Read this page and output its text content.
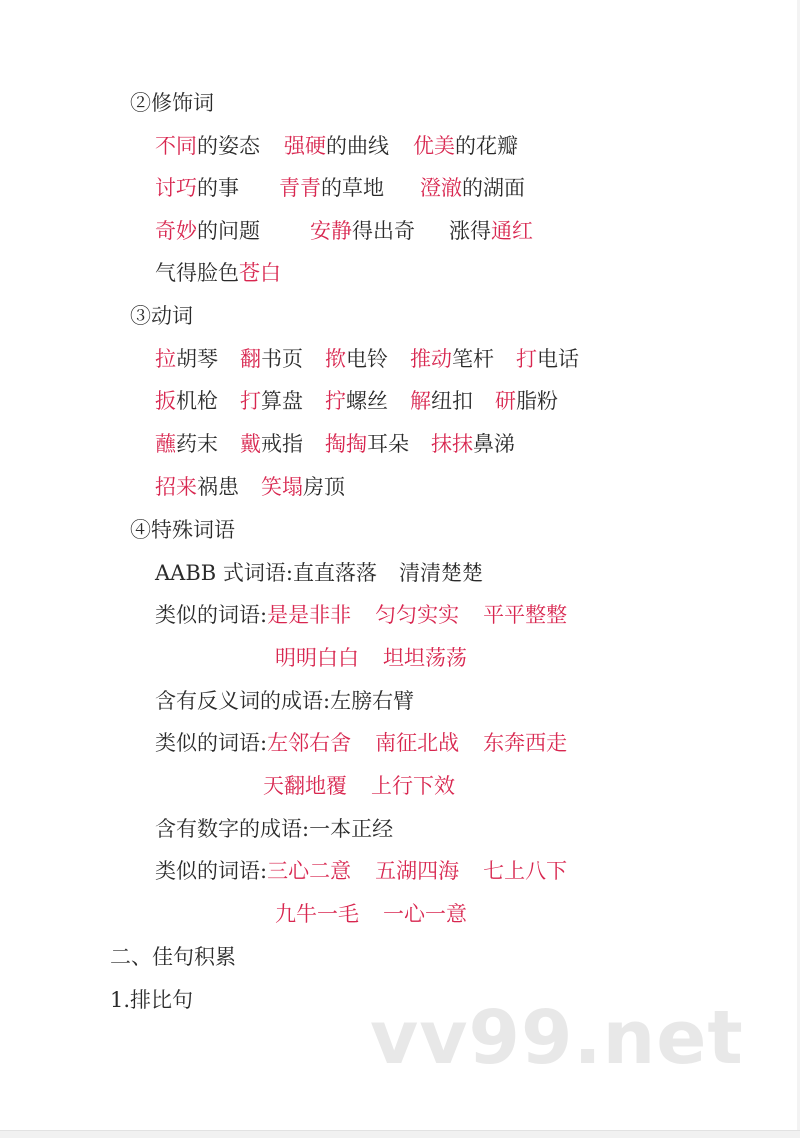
②修饰词
不同的姿态 强硬的曲线 优美的花瓣
讨巧的事 青青的草地 澄澈的湖面
奇妙的问题 安静得出奇 涨得通红
气得脸色苍白
③动词
拉胡琴 翻书页 揿电铃 推动笔杆 打电话
扳机枪 打算盘 拧螺丝 解纽扣 研脂粉
蘸药末 戴戒指 掏掏耳朵 抹抹鼻涕
招来祸患 笑塌房顶
④特殊词语
AABB 式词语:直直落落 清清楚楚
类似的词语:是是非非 匀匀实实 平平整整
明明白白 坦坦荡荡
含有反义词的成语:左膀右臂
类似的词语:左邻右舍 南征北战 东奔西走
天翻地覆 上行下效
含有数字的成语:一本正经
类似的词语:三心二意 五湖四海 七上八下
九牛一毛 一心一意
二、佳句积累
1.排比句 vv99.net
